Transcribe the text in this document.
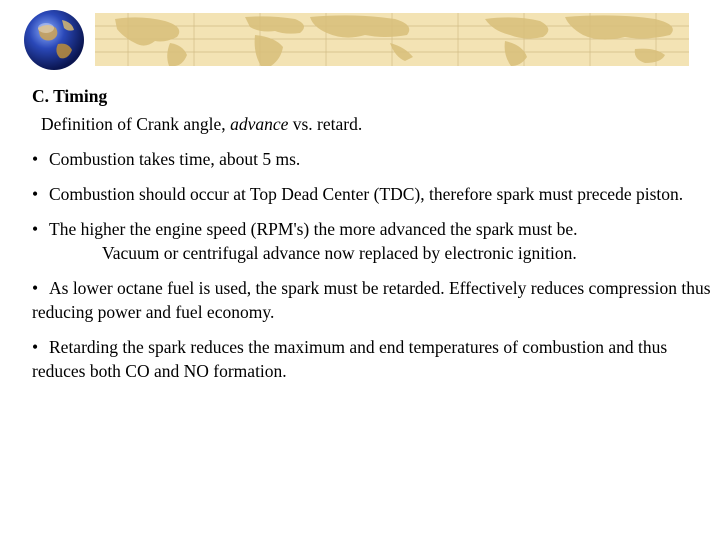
C. Timing

Definition of Crank angle, advance vs. retard.

• Combustion takes time, about 5 ms.

• Combustion should occur at Top Dead Center (TDC), therefore spark must precede piston.

• The higher the engine speed (RPM's) the more advanced the spark must be.
Vacuum or centrifugal advance now replaced by electronic ignition.

• As lower octane fuel is used, the spark must be retarded. Effectively reduces compression thus reducing power and fuel economy.

• Retarding the spark reduces the maximum and end temperatures of combustion and thus reduces both CO and NO formation.
